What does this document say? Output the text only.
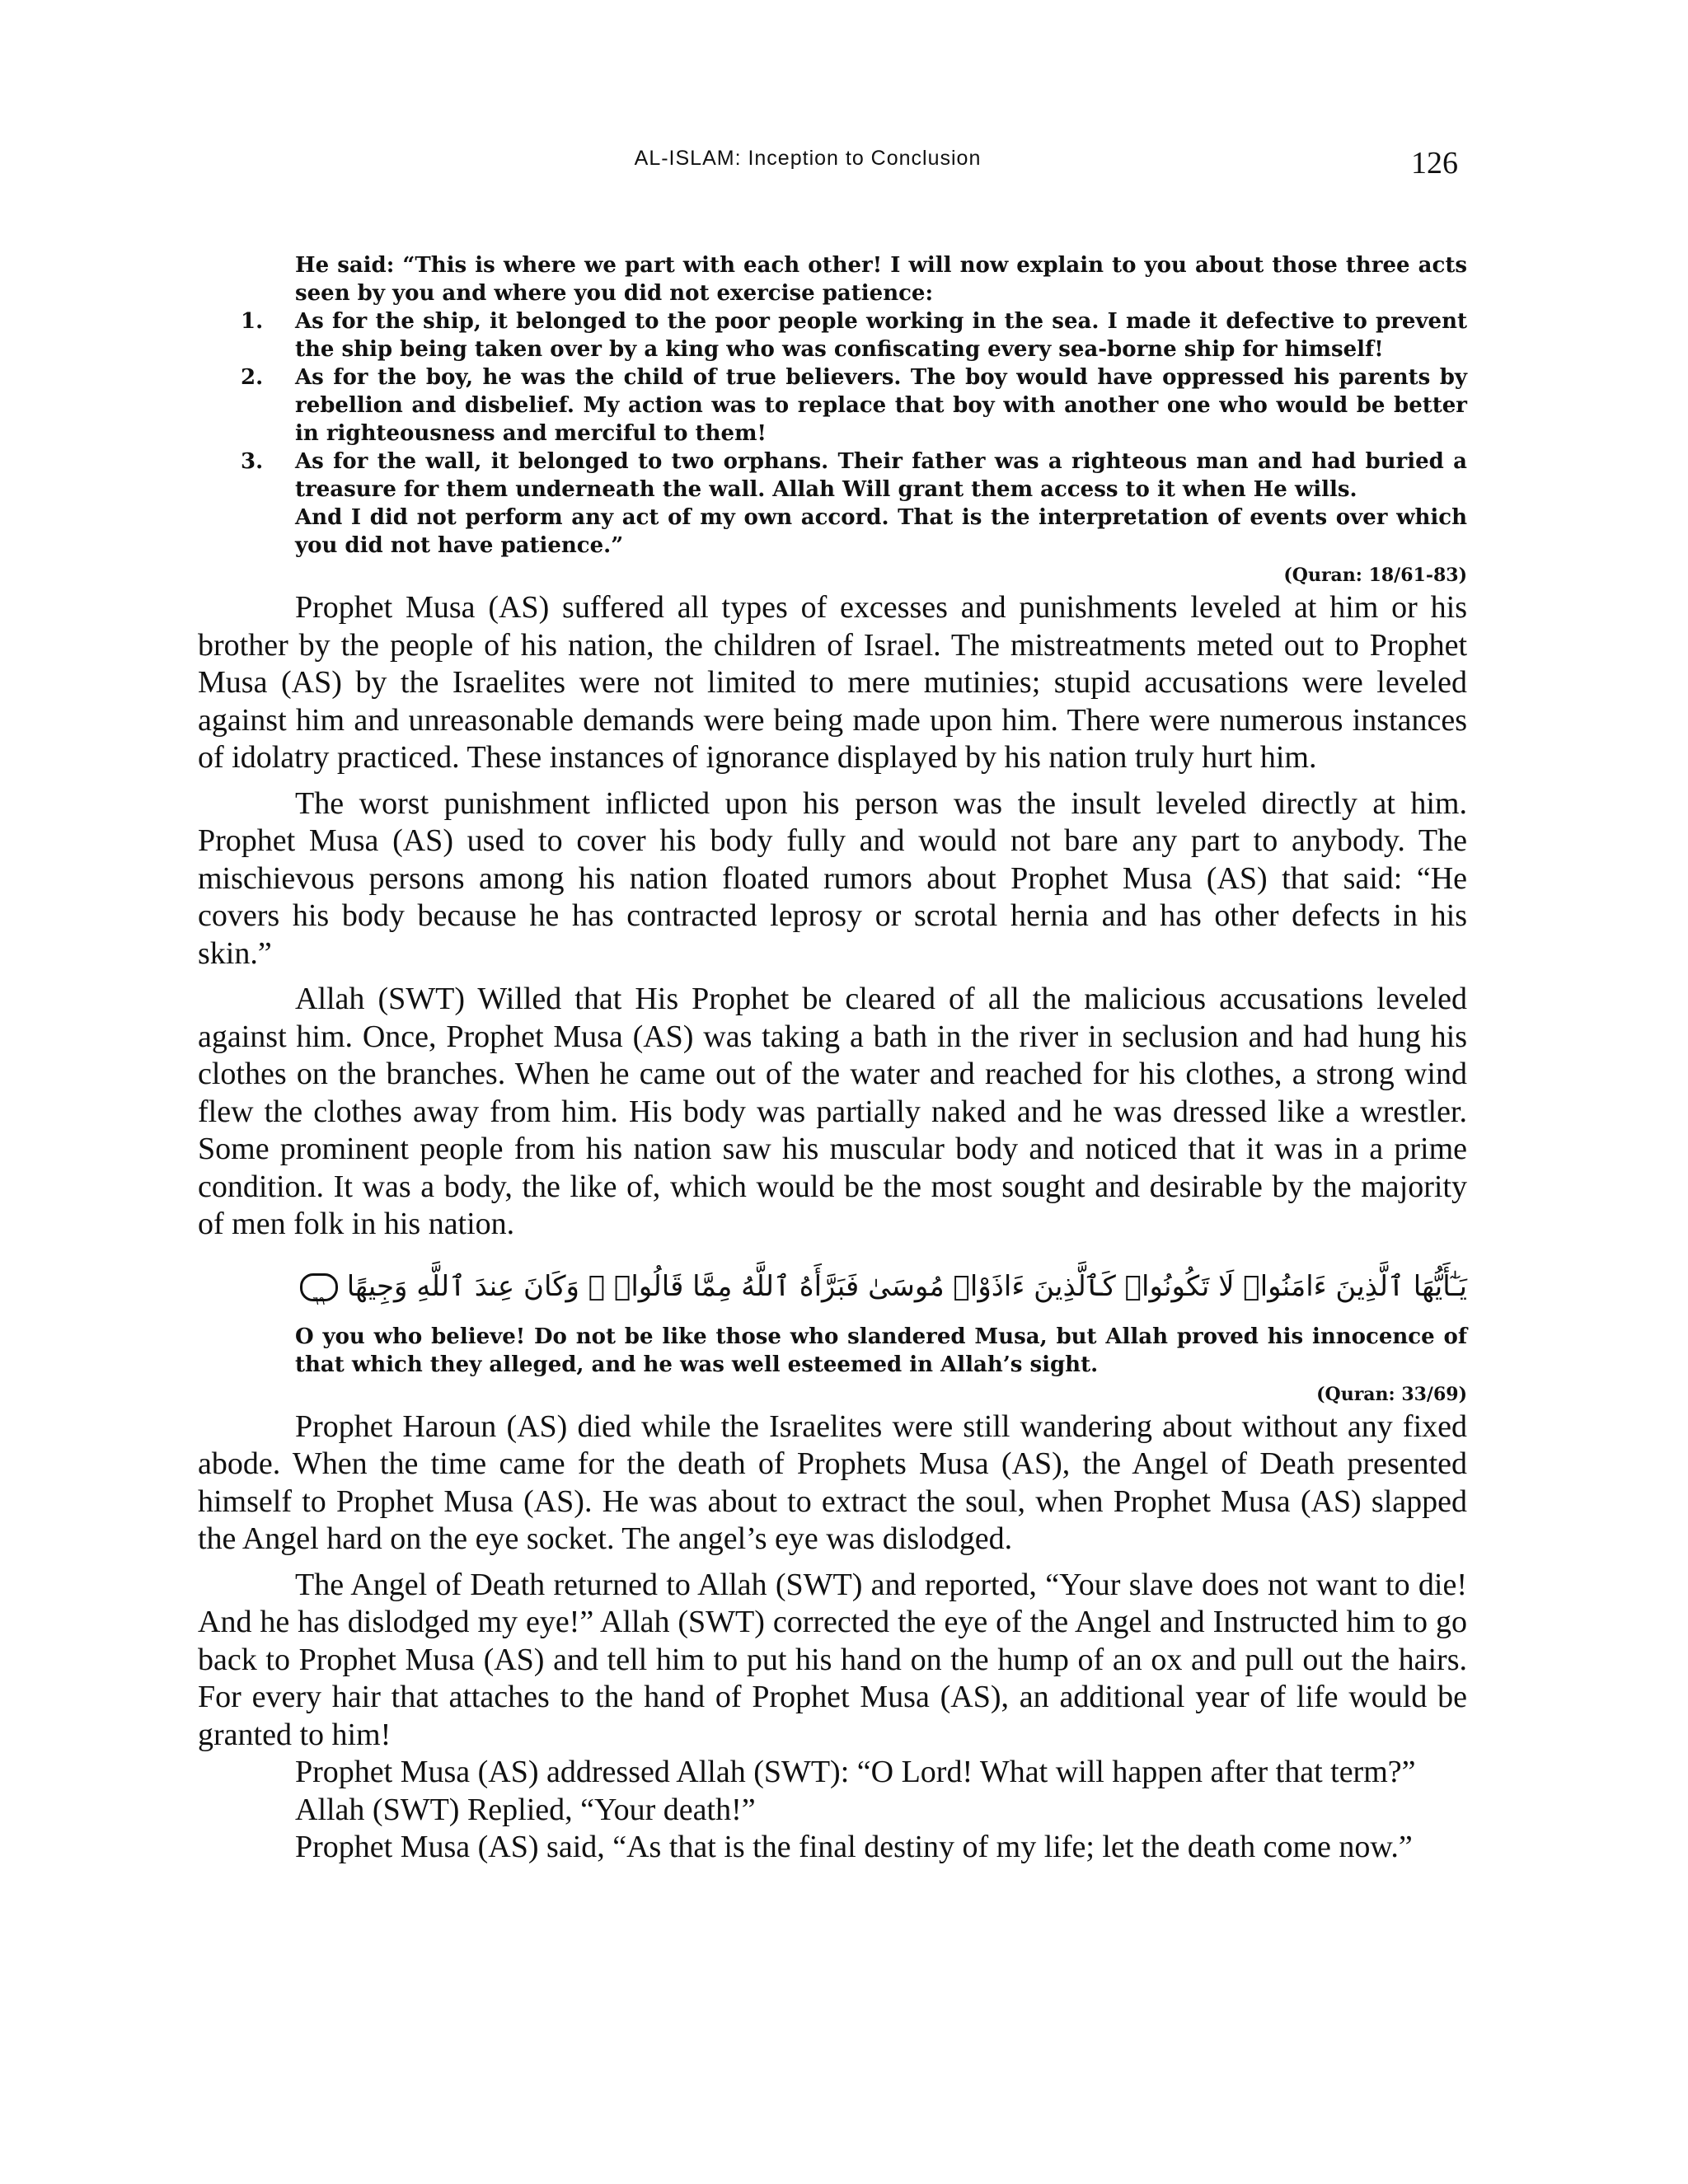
AL-ISLAM: Inception to Conclusion	126

He said: “This is where we part with each other! I will now explain to you about those three acts seen by you and where you did not exercise patience:

1. As for the ship, it belonged to the poor people working in the sea. I made it defective to prevent the ship being taken over by a king who was confiscating every sea-borne ship for himself!

2. As for the boy, he was the child of true believers. The boy would have oppressed his parents by rebellion and disbelief. My action was to replace that boy with another one who would be better in righteousness and merciful to them!

3. As for the wall, it belonged to two orphans. Their father was a righteous man and had buried a treasure for them underneath the wall. Allah Will grant them access to it when He wills.

And I did not perform any act of my own accord. That is the interpretation of events over which you did not have patience.”

(Quran: 18/61-83)

Prophet Musa (AS) suffered all types of excesses and punishments leveled at him or his brother by the people of his nation, the children of Israel. The mistreatments meted out to Prophet Musa (AS) by the Israelites were not limited to mere mutinies; stupid accusations were leveled against him and unreasonable demands were being made upon him. There were numerous instances of idolatry practiced. These instances of ignorance displayed by his nation truly hurt him.

The worst punishment inflicted upon his person was the insult leveled directly at him. Prophet Musa (AS) used to cover his body fully and would not bare any part to anybody. The mischievous persons among his nation floated rumors about Prophet Musa (AS) that said: “He covers his body because he has contracted leprosy or scrotal hernia and has other defects in his skin.”

Allah (SWT) Willed that His Prophet be cleared of all the malicious accusations leveled against him. Once, Prophet Musa (AS) was taking a bath in the river in seclusion and had hung his clothes on the branches. When he came out of the water and reached for his clothes, a strong wind flew the clothes away from him. His body was partially naked and he was dressed like a wrestler. Some prominent people from his nation saw his muscular body and noticed that it was in a prime condition. It was a body, the like of, which would be the most sought and desirable by the majority of men folk in his nation.

يَـٰٓأَيُّهَا ٱلَّذِينَ ءَامَنُوا۟ لَا تَكُونُوا۟ كَٱلَّذِينَ ءَاذَوْا۟ مُوسَىٰ فَبَرَّأَهُ ٱللَّهُ مِمَّا قَالُوا۟ ۚ وَكَانَ عِندَ ٱللَّهِ وَجِيهًا
٦٩

O you who believe! Do not be like those who slandered Musa, but Allah proved his innocence of that which they alleged, and he was well esteemed in Allah’s sight.

(Quran: 33/69)

Prophet Haroun (AS) died while the Israelites were still wandering about without any fixed abode. When the time came for the death of Prophets Musa (AS), the Angel of Death presented himself to Prophet Musa (AS). He was about to extract the soul, when Prophet Musa (AS) slapped the Angel hard on the eye socket. The angel’s eye was dislodged.

The Angel of Death returned to Allah (SWT) and reported, “Your slave does not want to die! And he has dislodged my eye!” Allah (SWT) corrected the eye of the Angel and Instructed him to go back to Prophet Musa (AS) and tell him to put his hand on the hump of an ox and pull out the hairs. For every hair that attaches to the hand of Prophet Musa (AS), an additional year of life would be granted to him!

Prophet Musa (AS) addressed Allah (SWT): “O Lord! What will happen after that term?”

Allah (SWT) Replied, “Your death!”

Prophet Musa (AS) said, “As that is the final destiny of my life; let the death come now.”
